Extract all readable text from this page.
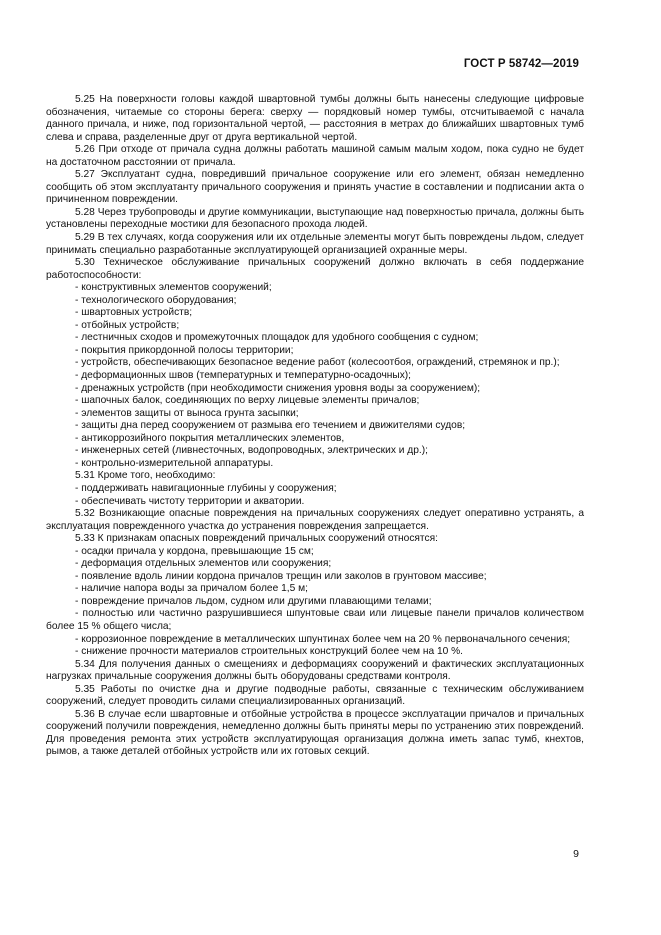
ГОСТ Р 58742—2019

5.25 На поверхности головы каждой швартовной тумбы должны быть нанесены следующие цифровые обозначения, читаемые со стороны берега: сверху — порядковый номер тумбы, отсчитываемой с начала данного причала, и ниже, под горизонтальной чертой, — расстояния в метрах до ближайших швартовных тумб слева и справа, разделенные друг от друга вертикальной чертой.

5.26 При отходе от причала судна должны работать машиной самым малым ходом, пока судно не будет на достаточном расстоянии от причала.

5.27 Эксплуатант судна, повредивший причальное сооружение или его элемент, обязан немедленно сообщить об этом эксплуатанту причального сооружения и принять участие в составлении и подписании акта о причиненном повреждении.

5.28 Через трубопроводы и другие коммуникации, выступающие над поверхностью причала, должны быть установлены переходные мостики для безопасного прохода людей.

5.29 В тех случаях, когда сооружения или их отдельные элементы могут быть повреждены льдом, следует принимать специально разработанные эксплуатирующей организацией охранные меры.

5.30 Техническое обслуживание причальных сооружений должно включать в себя поддержание работоспособности:

- конструктивных элементов сооружений;

- технологического оборудования;

- швартовных устройств;

- отбойных устройств;

- лестничных сходов и промежуточных площадок для удобного сообщения с судном;

- покрытия прикордонной полосы территории;

- устройств, обеспечивающих безопасное ведение работ (колесоотбоя, ограждений, стремянок и пр.);

- деформационных швов (температурных и температурно-осадочных);

- дренажных устройств (при необходимости снижения уровня воды за сооружением);

- шапочных балок, соединяющих по верху лицевые элементы причалов;

- элементов защиты от выноса грунта засыпки;

- защиты дна перед сооружением от размыва его течением и движителями судов;

- антикоррозийного покрытия металлических элементов,

- инженерных сетей (ливнесточных, водопроводных, электрических и др.);

- контрольно-измерительной аппаратуры.

5.31 Кроме того, необходимо:

- поддерживать навигационные глубины у сооружения;

- обеспечивать чистоту территории и акватории.

5.32 Возникающие опасные повреждения на причальных сооружениях следует оперативно устранять, а эксплуатация поврежденного участка до устранения повреждения запрещается.

5.33 К признакам опасных повреждений причальных сооружений относятся:

- осадки причала у кордона, превышающие 15 см;

- деформация отдельных элементов или сооружения;

- появление вдоль линии кордона причалов трещин или заколов в грунтовом массиве;

- наличие напора воды за причалом более 1,5 м;

- повреждение причалов льдом, судном или другими плавающими телами;

- полностью или частично разрушившиеся шпунтовые сваи или лицевые панели причалов количеством более 15 % общего числа;

- коррозионное повреждение в металлических шпунтинах более чем на 20 % первоначального сечения;

- снижение прочности материалов строительных конструкций более чем на 10 %.

5.34 Для получения данных о смещениях и деформациях сооружений и фактических эксплуатационных нагрузках причальные сооружения должны быть оборудованы средствами контроля.

5.35 Работы по очистке дна и другие подводные работы, связанные с техническим обслуживанием сооружений, следует проводить силами специализированных организаций.

5.36 В случае если швартовные и отбойные устройства в процессе эксплуатации причалов и причальных сооружений получили повреждения, немедленно должны быть приняты меры по устранению этих повреждений. Для проведения ремонта этих устройств эксплуатирующая организация должна иметь запас тумб, кнехтов, рымов, а также деталей отбойных устройств или их готовых секций.

9
